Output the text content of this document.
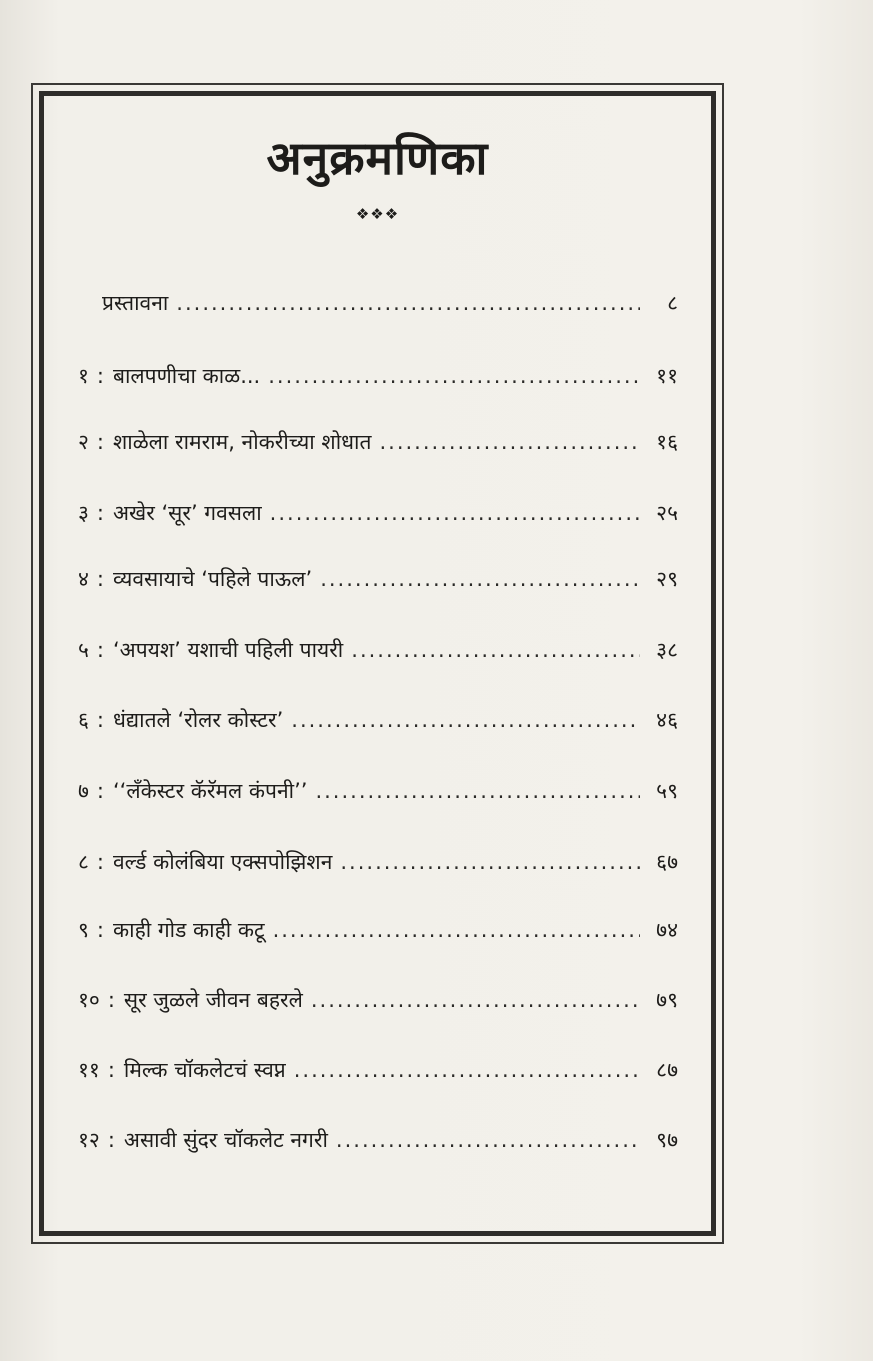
अनुक्रमणिका
❖❖❖
प्रस्तावना .....	८
१ : बालपणीचा काळ... .....	११
२ : शाळेला रामराम, नोकरीच्या शोधात .....	१६
३ : अखेर ‘सूर’ गवसला .....	२५
४ : व्यवसायाचे ‘पहिले पाऊल’ .....	२९
५ : ‘अपयश’ यशाची पहिली पायरी .....	३८
६ : धंद्यातले ‘रोलर कोस्टर’ .....	४६
७ : ‘‘लँकेस्टर कॅरॅमल कंपनी’’ .....	५९
८ : वर्ल्ड कोलंबिया एक्सपोझिशन .....	६७
९ : काही गोड काही कटू .....	७४
१० : सूर जुळले जीवन बहरले .....	७९
११ : मिल्क चॉकलेटचं स्वप्न .....	८७
१२ : असावी सुंदर चॉकलेट नगरी .....	९७
